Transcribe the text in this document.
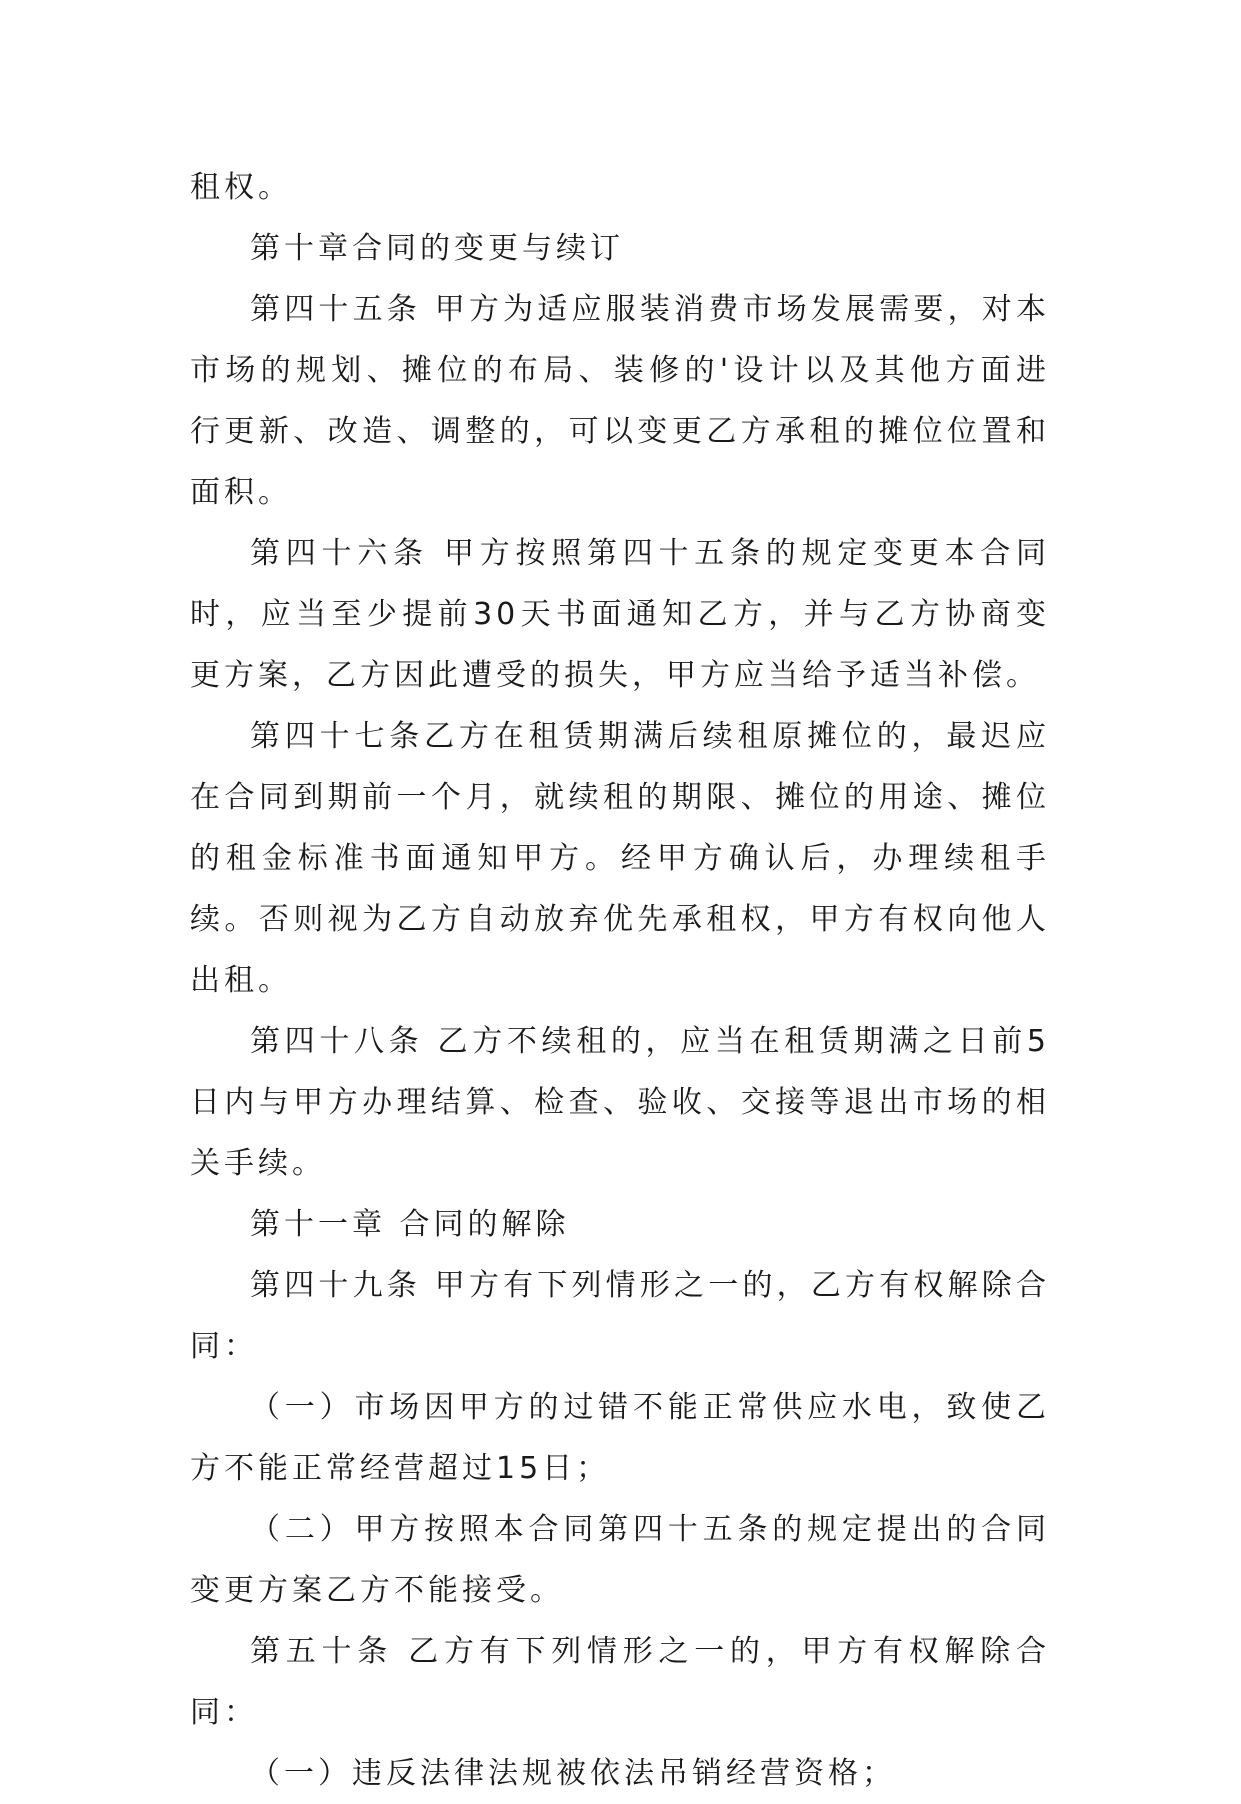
租权。

第十章合同的变更与续订

第四十五条 甲方为适应服装消费市场发展需要，对本市场的规划、摊位的布局、装修的'设计以及其他方面进行更新、改造、调整的，可以变更乙方承租的摊位位置和面积。

第四十六条 甲方按照第四十五条的规定变更本合同时，应当至少提前30天书面通知乙方，并与乙方协商变更方案，乙方因此遭受的损失，甲方应当给予适当补偿。

第四十七条乙方在租赁期满后续租原摊位的，最迟应在合同到期前一个月，就续租的期限、摊位的用途、摊位的租金标准书面通知甲方。经甲方确认后，办理续租手续。否则视为乙方自动放弃优先承租权，甲方有权向他人出租。

第四十八条 乙方不续租的，应当在租赁期满之日前5日内与甲方办理结算、检查、验收、交接等退出市场的相关手续。

第十一章 合同的解除

第四十九条 甲方有下列情形之一的，乙方有权解除合同：

（一）市场因甲方的过错不能正常供应水电，致使乙方不能正常经营超过15日；

（二）甲方按照本合同第四十五条的规定提出的合同变更方案乙方不能接受。

第五十条 乙方有下列情形之一的，甲方有权解除合同：

（一）违反法律法规被依法吊销经营资格；
